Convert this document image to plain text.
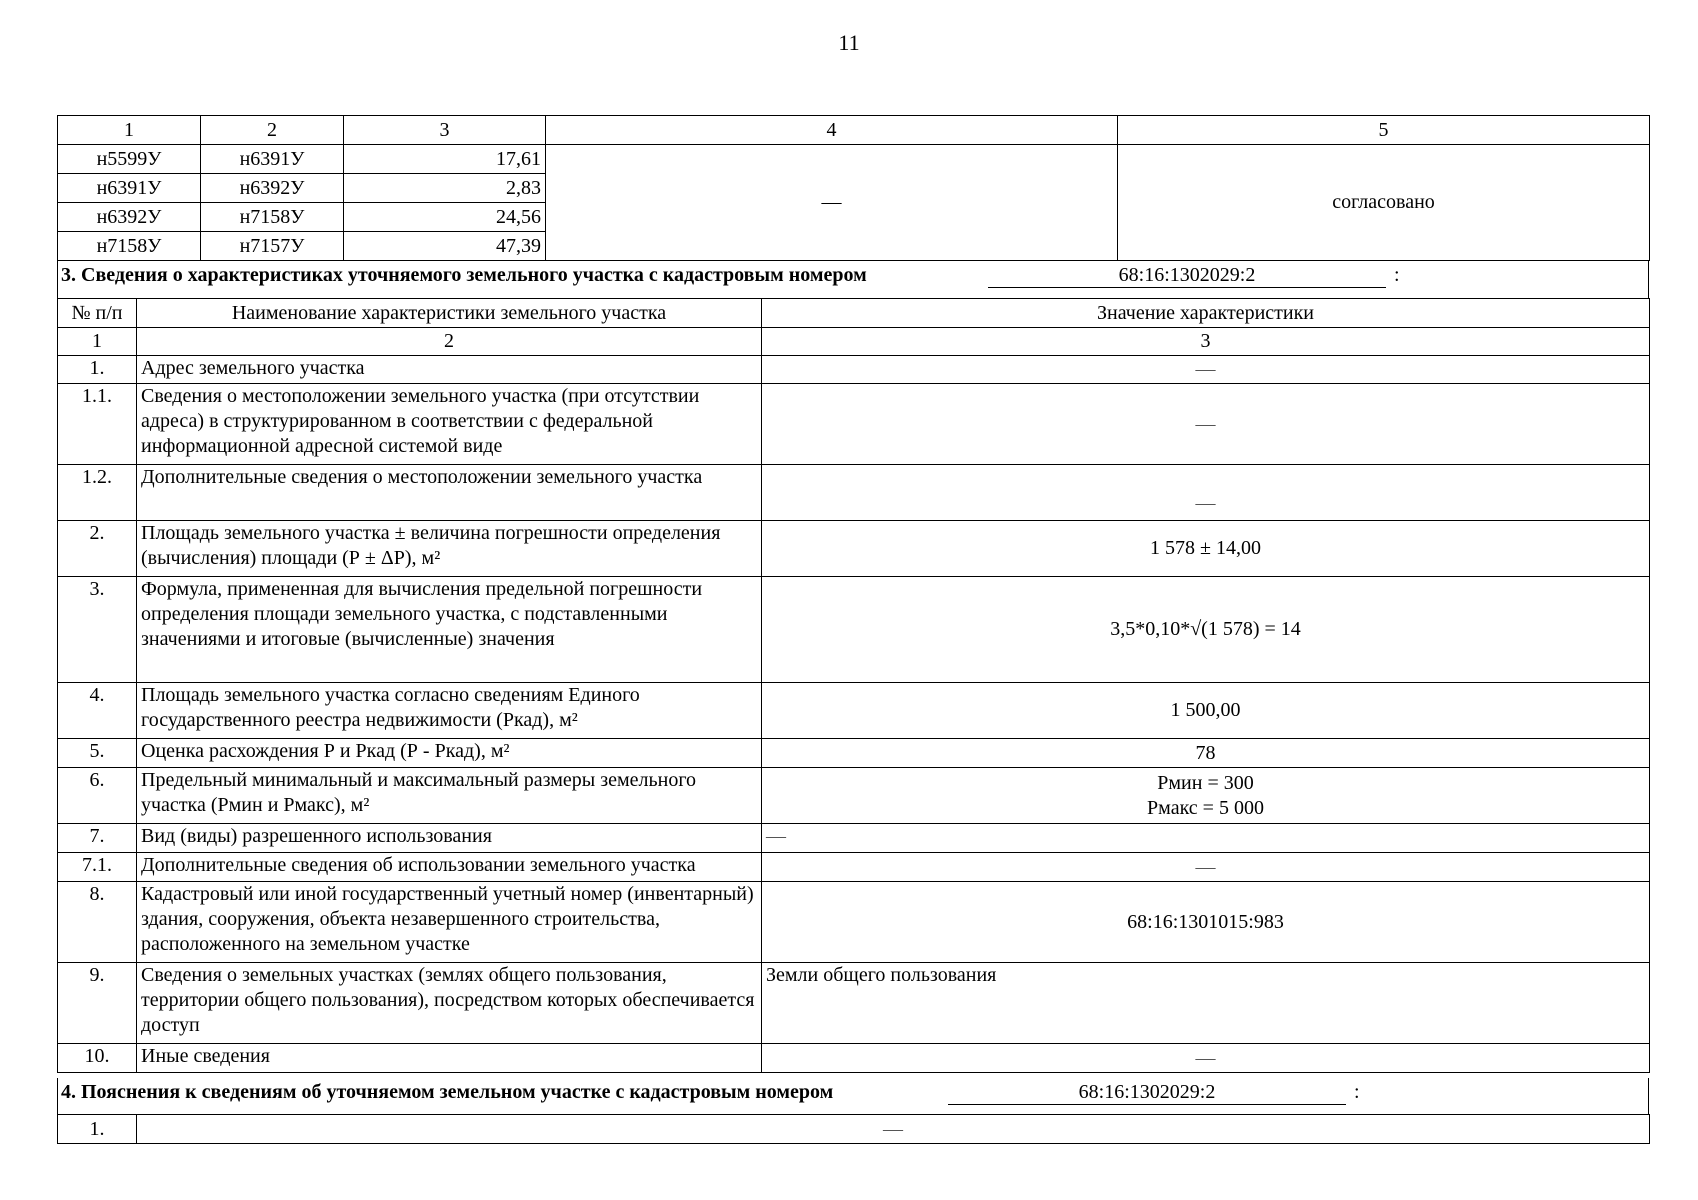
11
1	2	3	4	5
н5599У	н6391У	17,61	—	согласовано
н6391У	н6392У	2,83		
н6392У	н7158У	24,56		
н7158У	н7157У	47,39		
3. Сведения о характеристиках уточняемого земельного участка с кадастровым номером	68:16:1302029:2	:
№ п/п	Наименование характеристики земельного участка	Значение характеристики
1	2	3
1.	Адрес земельного участка	—
1.1.	Сведения о местоположении земельного участка (при отсутствии адреса) в структурированном в соответствии с федеральной информационной адресной системой виде	—
1.2.	Дополнительные сведения о местоположении земельного участка	—
2.	Площадь земельного участка ± величина погрешности определения (вычисления) площади (Р ± ΔР), м²	1 578 ± 14,00
3.	Формула, примененная для вычисления предельной погрешности определения площади земельного участка, с подставленными значениями и итоговые (вычисленные) значения	3,5*0,10*√(1 578) = 14
4.	Площадь земельного участка согласно сведениям Единого государственного реестра недвижимости (Ркад), м²	1 500,00
5.	Оценка расхождения Р и Ркад (Р - Ркад), м²	78
6.	Предельный минимальный и максимальный размеры земельного участка (Рмин и Рмакс), м²	Рмин = 300
Рмакс = 5 000

7.	Вид (виды) разрешенного использования	—
7.1.	Дополнительные сведения об использовании земельного участка	—
8.	Кадастровый или иной государственный учетный номер (инвентарный) здания, сооружения, объекта незавершенного строительства, расположенного на земельном участке	68:16:1301015:983
9.	Сведения о земельных участках (землях общего пользования, территории общего пользования), посредством которых обеспечивается доступ	Земли общего пользования
10.	Иные сведения	—
4. Пояснения к сведениям об уточняемом земельном участке с кадастровым номером	68:16:1302029:2	:
1.	—
